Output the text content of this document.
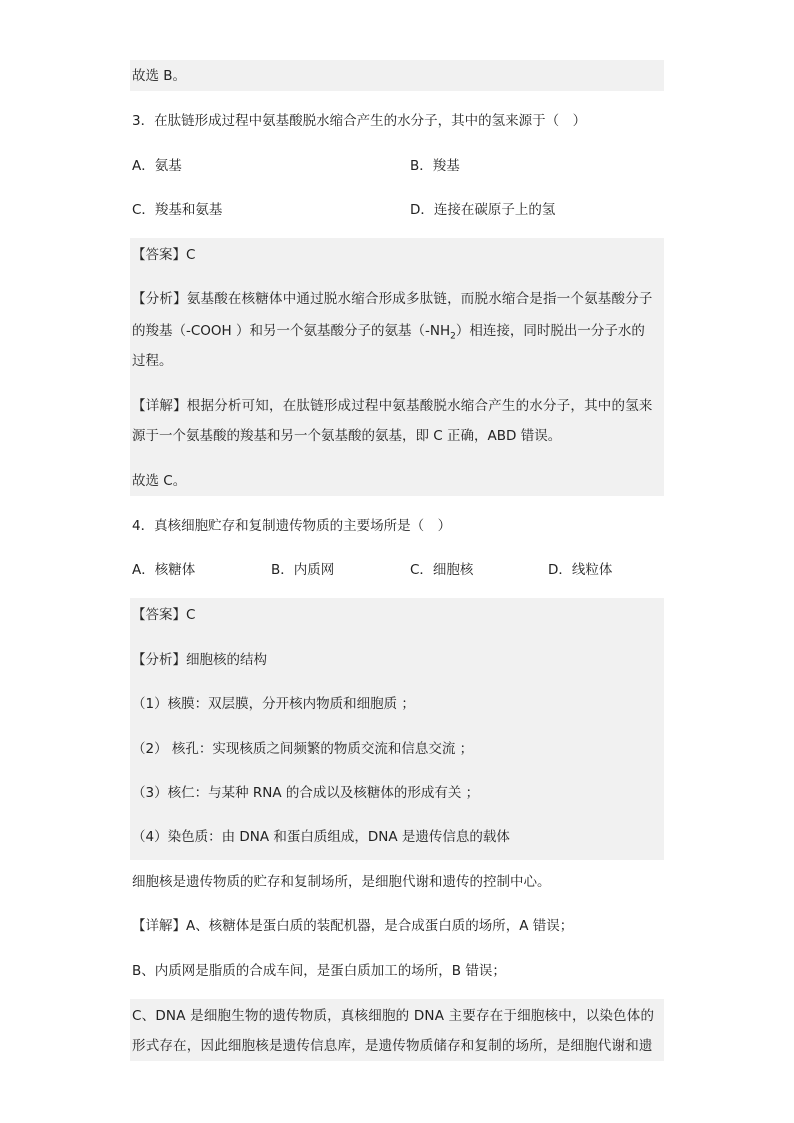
故选 B。
3．在肽链形成过程中氨基酸脱水缩合产生的水分子，其中的氢来源于（　）
A．氨基	B．羧基
C．羧基和氨基	D．连接在碳原子上的氢
【答案】C
【分析】氨基酸在核糖体中通过脱水缩合形成多肽链，而脱水缩合是指一个氨基酸分子
的羧基（-COOH ）和另一个氨基酸分子的氨基$(-NH_2)$相连接，同时脱出一分子水的
过程。
【详解】根据分析可知，在肽链形成过程中氨基酸脱水缩合产生的水分子，其中的氢来
源于一个氨基酸的羧基和另一个氨基酸的氨基，即 C 正确，ABD 错误。
故选 C。
4．真核细胞贮存和复制遗传物质的主要场所是（　）
A．核糖体	B．内质网	C．细胞核	D．线粒体
【答案】C
【分析】细胞核的结构
（1）核膜：双层膜，分开核内物质和细胞质 ；
（2） 核孔：实现核质之间频繁的物质交流和信息交流 ；
（3）核仁：与某种 RNA 的合成以及核糖体的形成有关 ；
（4）染色质：由 DNA 和蛋白质组成，DNA 是遗传信息的载体
细胞核是遗传物质的贮存和复制场所，是细胞代谢和遗传的控制中心。
【详解】A、核糖体是蛋白质的装配机器，是合成蛋白质的场所，A 错误；
B、内质网是脂质的合成车间，是蛋白质加工的场所，B 错误；
C、DNA 是细胞生物的遗传物质，真核细胞的 DNA 主要存在于细胞核中，以染色体的
形式存在，因此细胞核是遗传信息库，是遗传物质储存和复制的场所，是细胞代谢和遗
